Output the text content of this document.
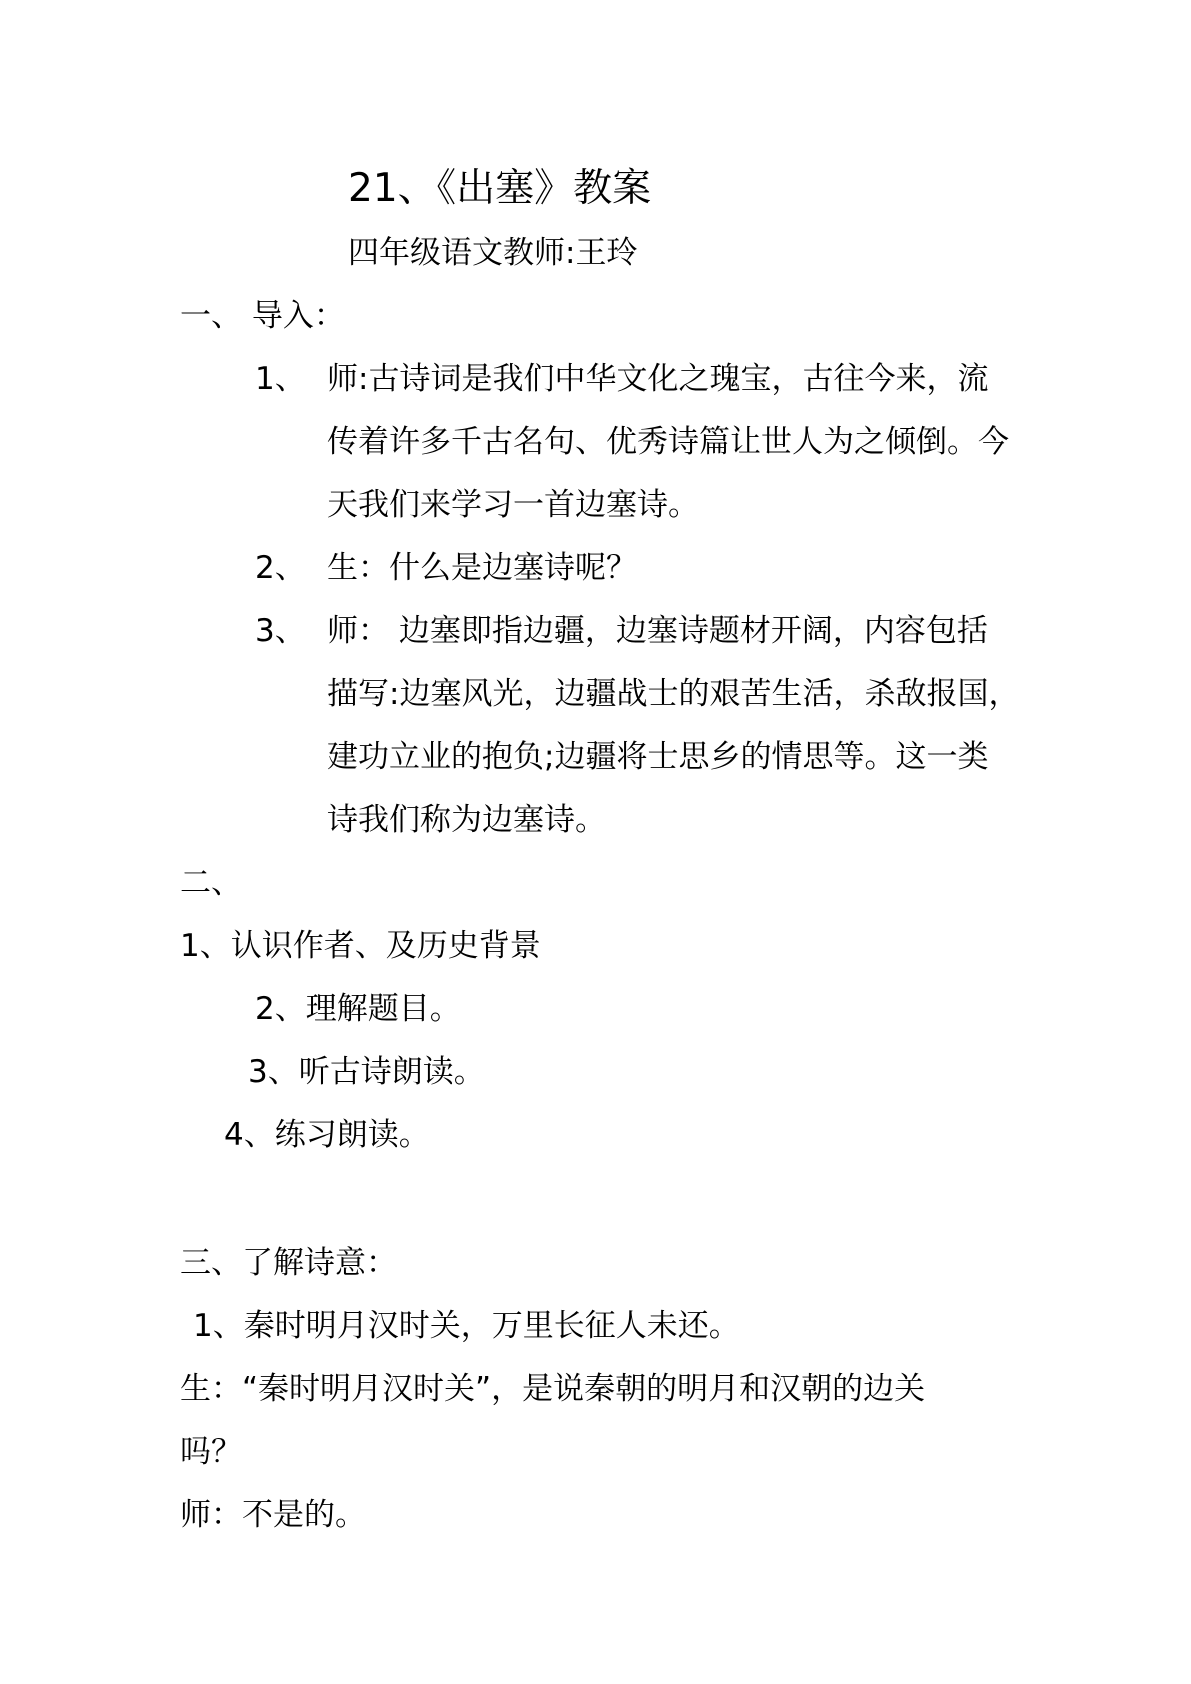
21、《出塞》教案
四年级语文教师:王玲
一、 导入：
1、 师:古诗词是我们中华文化之瑰宝，古往今来，流
传着许多千古名句、优秀诗篇让世人为之倾倒。今
天我们来学习一首边塞诗。
2、 生：什么是边塞诗呢？
3、 师： 边塞即指边疆，边塞诗题材开阔，内容包括
描写:边塞风光，边疆战士的艰苦生活，杀敌报国，
建功立业的抱负;边疆将士思乡的情思等。这一类
诗我们称为边塞诗。
二、
1、认识作者、及历史背景
2、理解题目。
3、听古诗朗读。
4、练习朗读。
三、了解诗意：
1、秦时明月汉时关，万里长征人未还。
生：“秦时明月汉时关”，是说秦朝的明月和汉朝的边关
吗？
师：不是的。
